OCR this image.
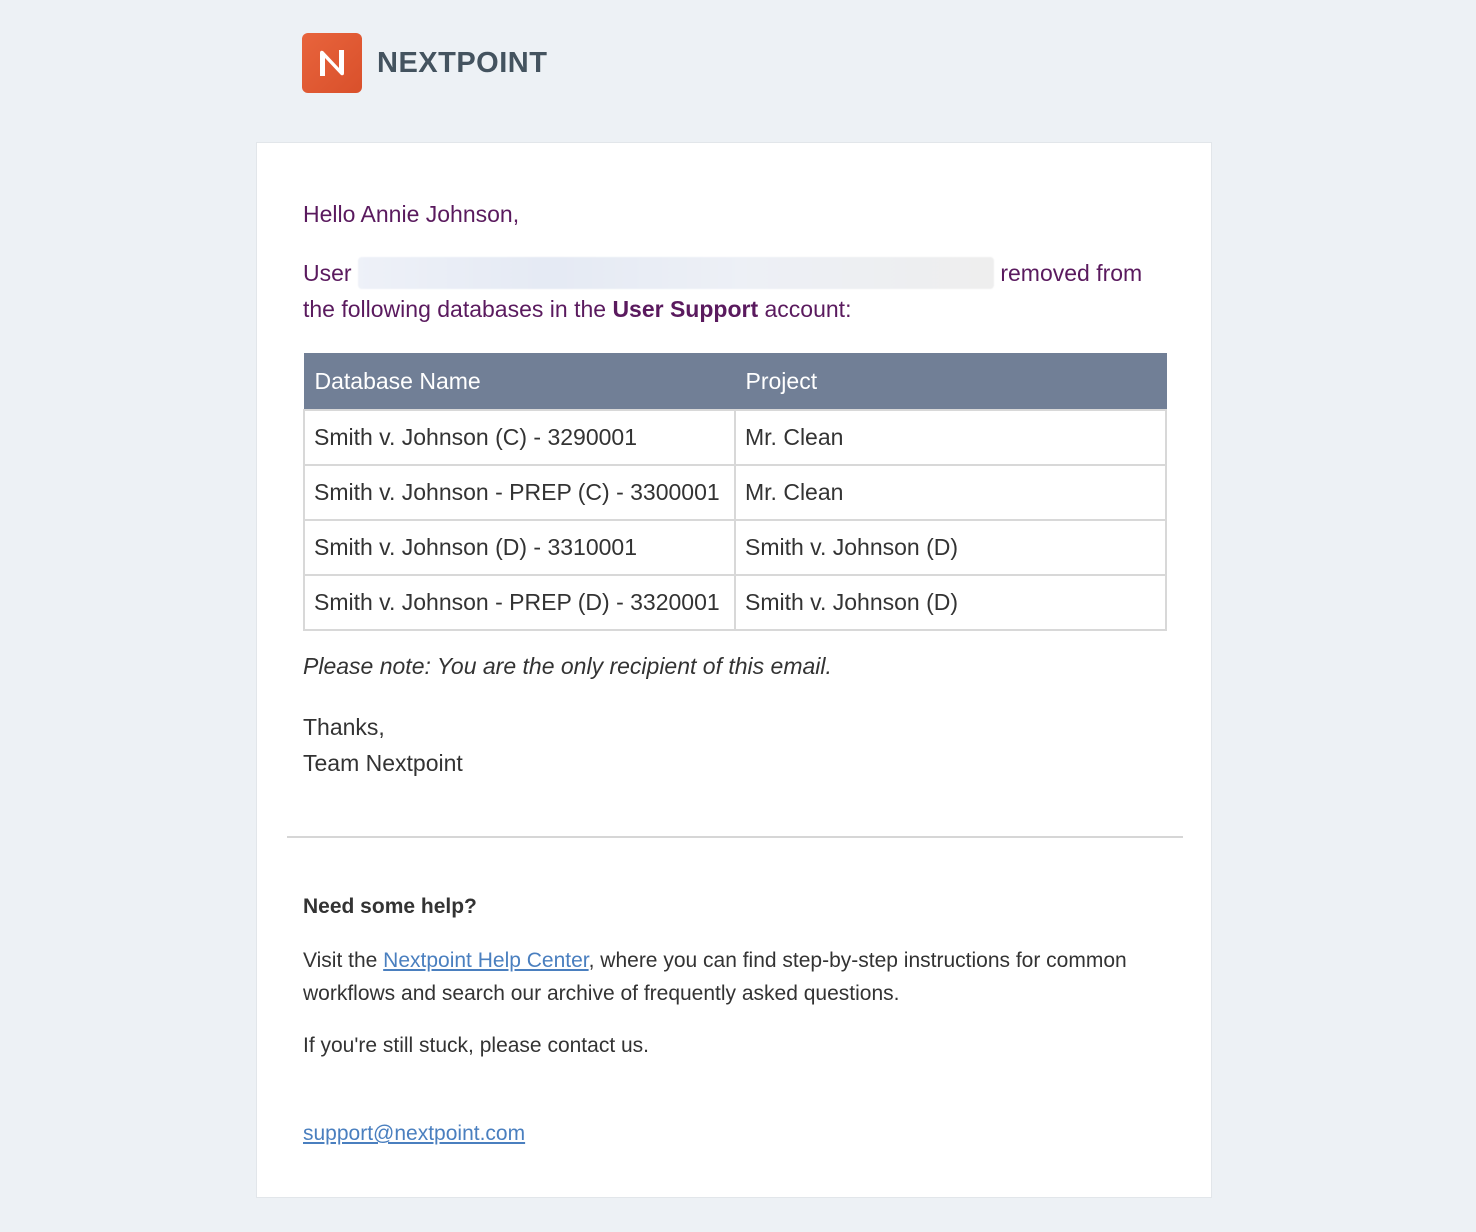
NEXTPOINT

Hello Annie Johnson,

User	removed from the following databases in the User Support account:

Database Name	Project
Smith v. Johnson (C) - 3290001	Mr. Clean
Smith v. Johnson - PREP (C) - 3300001	Mr. Clean
Smith v. Johnson (D) - 3310001	Smith v. Johnson (D)
Smith v. Johnson - PREP (D) - 3320001	Smith v. Johnson (D)

Please note: You are the only recipient of this email.

Thanks,
Team Nextpoint

Need some help?

Visit the Nextpoint Help Center, where you can find step-by-step instructions for common workflows and search our archive of frequently asked questions.

If you're still stuck, please contact us.

support@nextpoint.com
